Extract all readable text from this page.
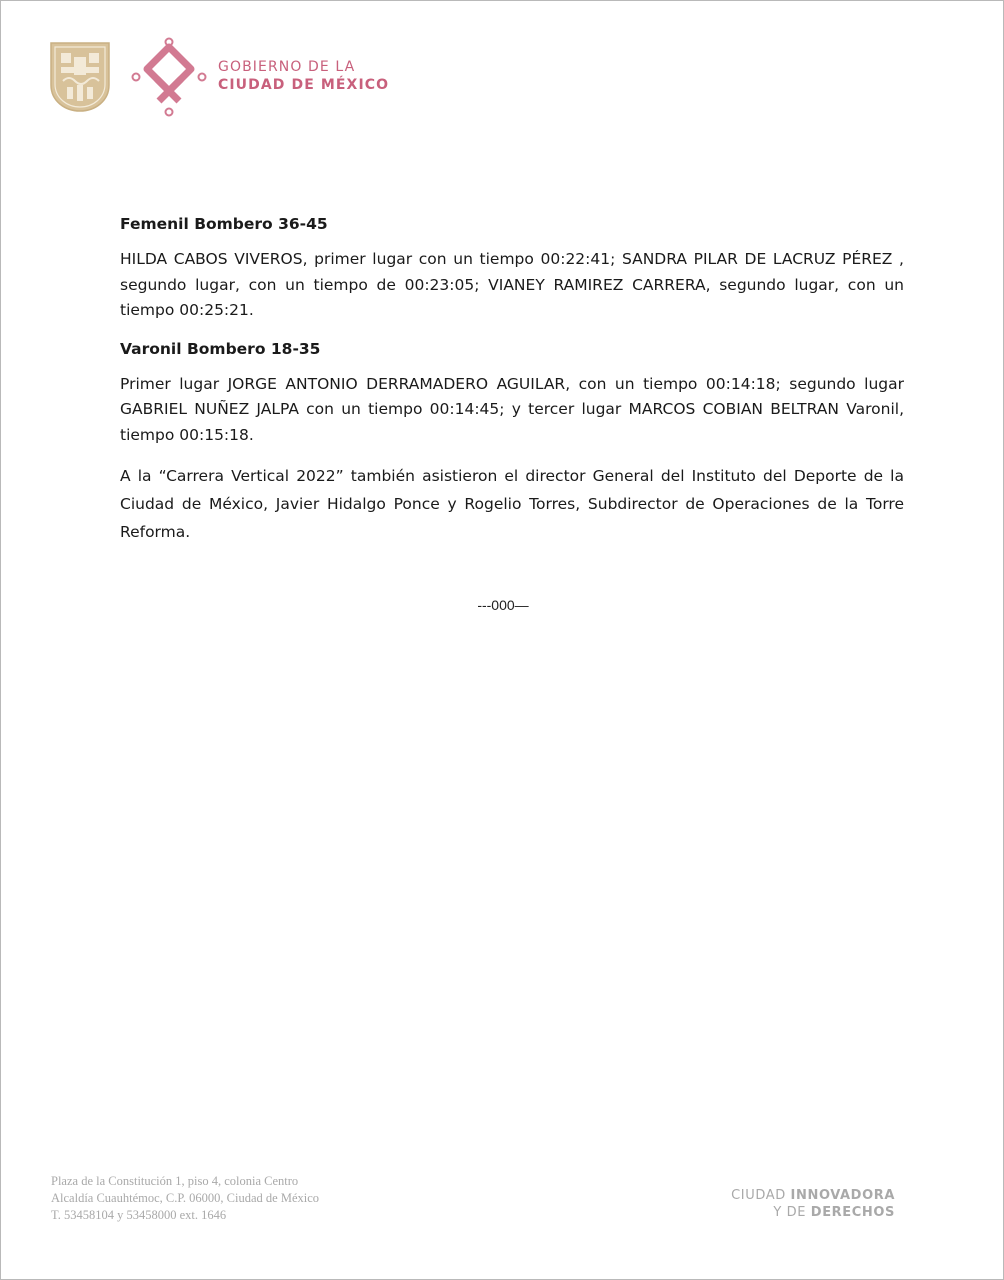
GOBIERNO DE LA
CIUDAD DE MÉXICO
Femenil Bombero 36-45

HILDA CABOS VIVEROS, primer lugar con un tiempo 00:22:41; SANDRA PILAR DE LACRUZ PÉREZ , segundo lugar, con un tiempo de 00:23:05; VIANEY RAMIREZ CARRERA, segundo lugar, con un tiempo 00:25:21.

Varonil Bombero 18-35

Primer lugar JORGE ANTONIO DERRAMADERO AGUILAR, con un tiempo 00:14:18; segundo lugar GABRIEL NUÑEZ JALPA con un tiempo 00:14:45; y tercer lugar MARCOS COBIAN BELTRAN Varonil, tiempo 00:15:18.

A la “Carrera Vertical 2022” también asistieron el director General del Instituto del Deporte de la Ciudad de México, Javier Hidalgo Ponce y Rogelio Torres, Subdirector de Operaciones de la Torre Reforma.

---000—
Plaza de la Constitución 1, piso 4, colonia Centro
Alcaldía Cuauhtémoc, C.P. 06000, Ciudad de México
T. 53458104 y 53458000 ext. 1646
CIUDAD INNOVADORA
Y DE DERECHOS
